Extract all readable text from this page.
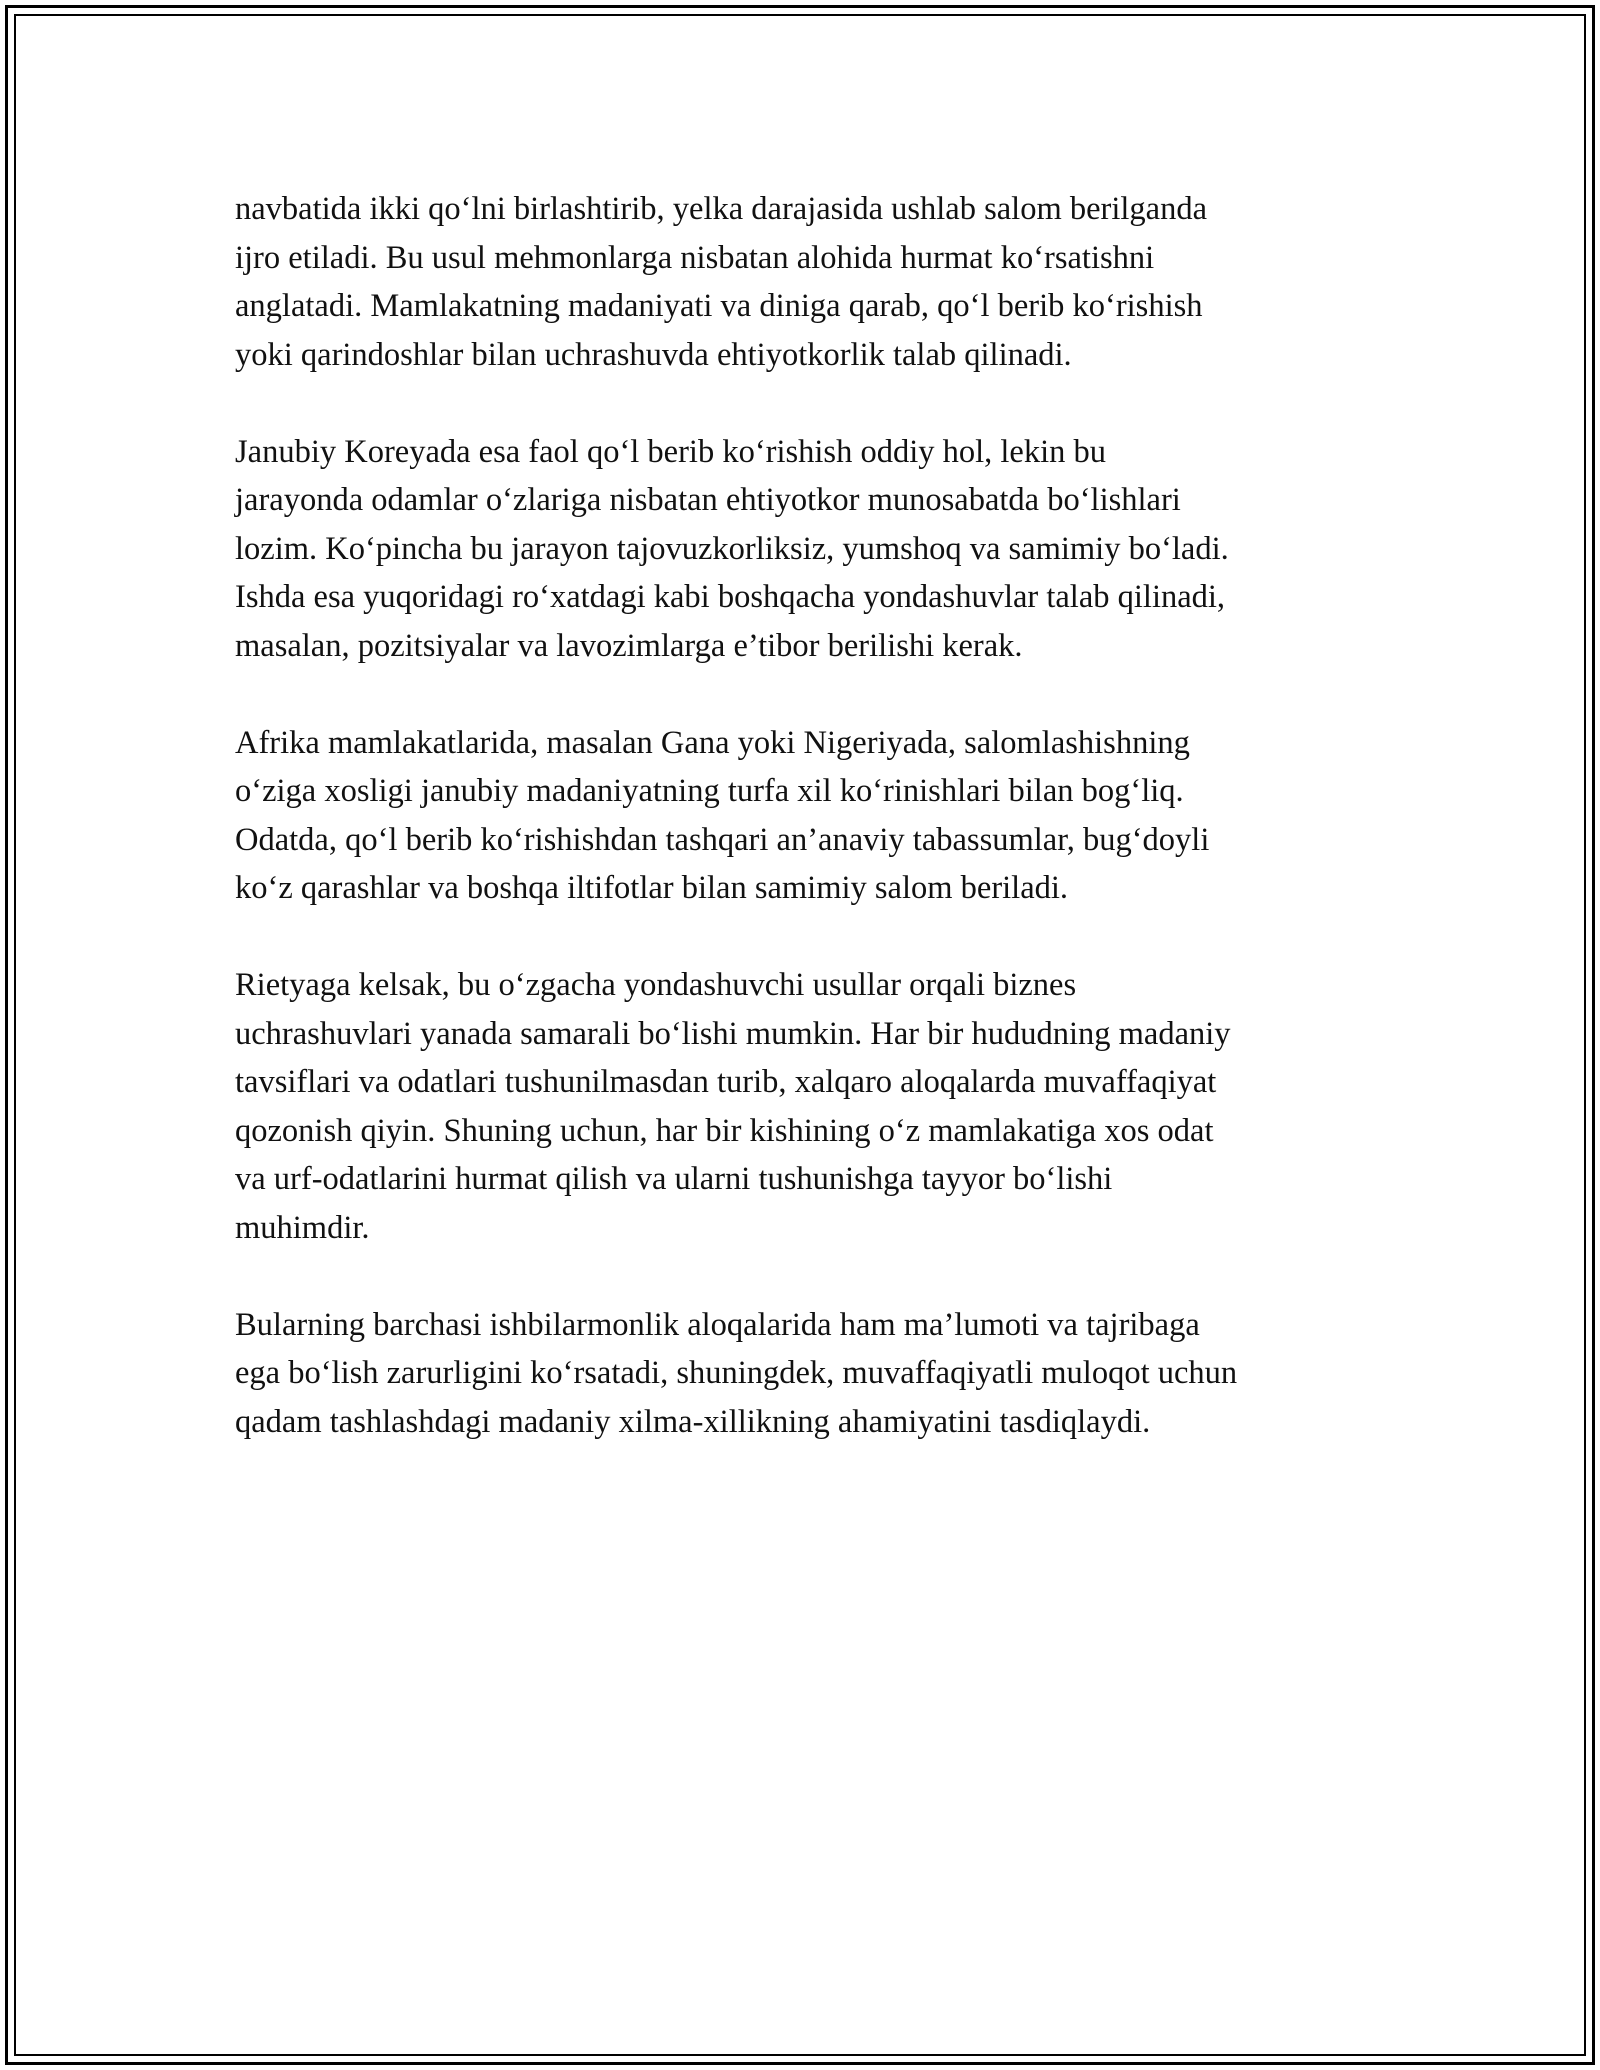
navbatida ikki qo‘lni birlashtirib, yelka darajasida ushlab salom berilganda
ijro etiladi. Bu usul mehmonlarga nisbatan alohida hurmat ko‘rsatishni
anglatadi. Mamlakatning madaniyati va diniga qarab, qo‘l berib ko‘rishish
yoki qarindoshlar bilan uchrashuvda ehtiyotkorlik talab qilinadi.

Janubiy Koreyada esa faol qo‘l berib ko‘rishish oddiy hol, lekin bu
jarayonda odamlar o‘zlariga nisbatan ehtiyotkor munosabatda bo‘lishlari
lozim. Ko‘pincha bu jarayon tajovuzkorliksiz, yumshoq va samimiy bo‘ladi.
Ishda esa yuqoridagi ro‘xatdagi kabi boshqacha yondashuvlar talab qilinadi,
masalan, pozitsiyalar va lavozimlarga e’tibor berilishi kerak.

Afrika mamlakatlarida, masalan Gana yoki Nigeriyada, salomlashishning
o‘ziga xosligi janubiy madaniyatning turfa xil ko‘rinishlari bilan bog‘liq.
Odatda, qo‘l berib ko‘rishishdan tashqari an’anaviy tabassumlar, bug‘doyli
ko‘z qarashlar va boshqa iltifotlar bilan samimiy salom beriladi.

Rietyaga kelsak, bu o‘zgacha yondashuvchi usullar orqali biznes
uchrashuvlari yanada samarali bo‘lishi mumkin. Har bir hududning madaniy
tavsiflari va odatlari tushunilmasdan turib, xalqaro aloqalarda muvaffaqiyat
qozonish qiyin. Shuning uchun, har bir kishining o‘z mamlakatiga xos odat
va urf-odatlarini hurmat qilish va ularni tushunishga tayyor bo‘lishi
muhimdir.

Bularning barchasi ishbilarmonlik aloqalarida ham ma’lumoti va tajribaga
ega bo‘lish zarurligini ko‘rsatadi, shuningdek, muvaffaqiyatli muloqot uchun
qadam tashlashdagi madaniy xilma-xillikning ahamiyatini tasdiqlaydi.
